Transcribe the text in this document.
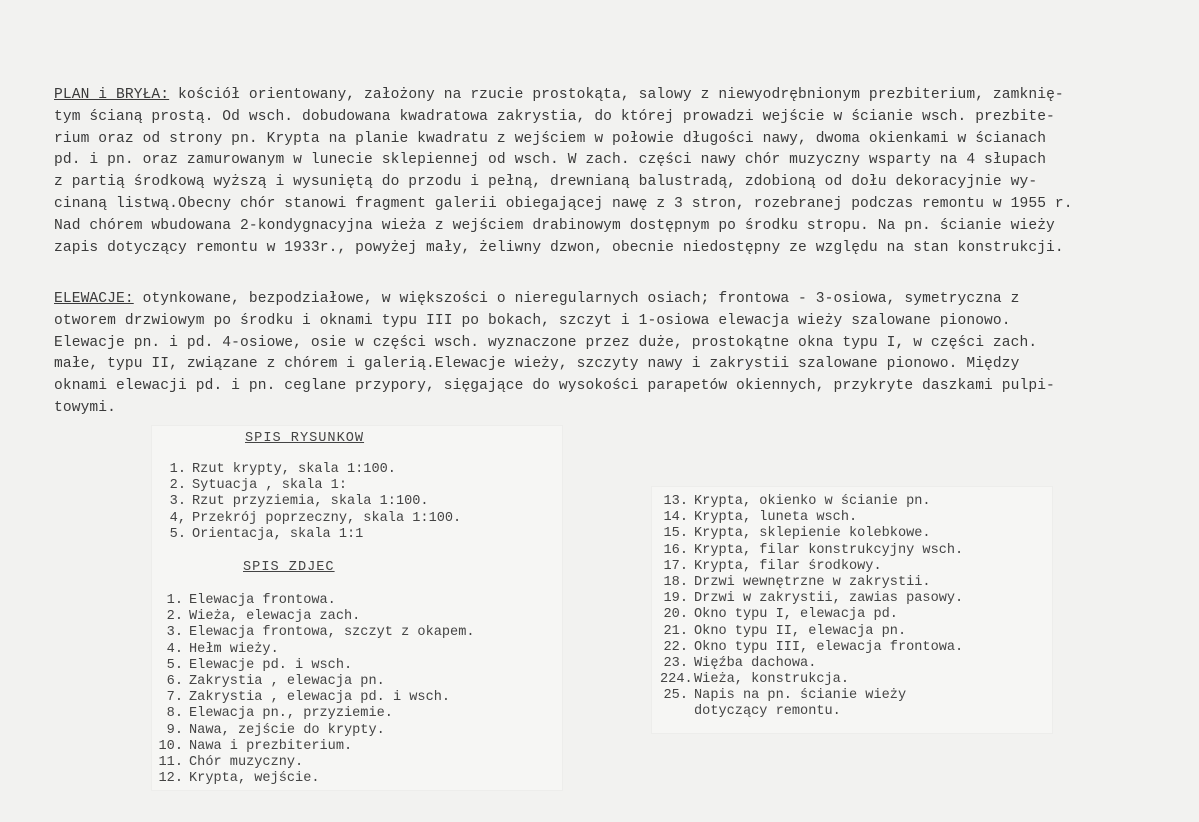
PLAN i BRYŁA: kościół orientowany, założony na rzucie prostokąta, salowy z niewyodrębnionym prezbiterium, zamknię-
tym ścianą prostą. Od wsch. dobudowana kwadratowa zakrystia, do której prowadzi wejście w ścianie wsch. prezbite-
rium oraz od strony pn. Krypta na planie kwadratu z wejściem w połowie długości nawy, dwoma okienkami w ścianach
pd. i pn. oraz zamurowanym w lunecie sklepiennej od wsch. W zach. części nawy chór muzyczny wsparty na 4 słupach
z partią środkową wyższą i wysuniętą do przodu i pełną, drewnianą balustradą, zdobioną od dołu dekoracyjnie wy-
cinaną listwą.Obecny chór stanowi fragment galerii obiegającej nawę z 3 stron, rozebranej podczas remontu w 1955 r.
Nad chórem wbudowana 2-kondygnacyjna wieża z wejściem drabinowym dostępnym po środku stropu. Na pn. ścianie wieży
zapis dotyczący remontu w 1933r., powyżej mały, żeliwny dzwon, obecnie niedostępny ze względu na stan konstrukcji.
ELEWACJE: otynkowane, bezpodziałowe, w większości o nieregularnych osiach; frontowa - 3-osiowa, symetryczna z
otworem drzwiowym po środku i oknami typu III po bokach, szczyt i 1-osiowa elewacja wieży szalowane pionowo.
Elewacje pn. i pd. 4-osiowe, osie w części wsch. wyznaczone przez duże, prostokątne okna typu I, w części zach.
małe, typu II, związane z chórem i galerią.Elewacje wieży, szczyty nawy i zakrystii szalowane pionowo. Między
oknami elewacji pd. i pn. ceglane przypory, sięgające do wysokości parapetów okiennych, przykryte daszkami pulpi-
towymi.
SPIS RYSUNKOW
1. Rzut krypty, skala 1:100.
2. Sytuacja , skala 1:
3. Rzut przyziemia, skala 1:100.
4, Przekrój poprzeczny, skala 1:100.
5. Orientacja, skala 1:1
SPIS ZDJEC
1. Elewacja frontowa.
2. Wieża, elewacja zach.
3. Elewacja frontowa, szczyt z okapem.
4. Hełm wieży.
5. Elewacje pd. i wsch.
6. Zakrystia , elewacja pn.
7. Zakrystia , elewacja pd. i wsch.
8. Elewacja pn., przyziemie.
9. Nawa, zejście do krypty.
10. Nawa i prezbiterium.
11. Chór muzyczny.
12. Krypta, wejście.
13. Krypta, okienko w ścianie pn.
14. Krypta, luneta wsch.
15. Krypta, sklepienie kolebkowe.
16. Krypta, filar konstrukcyjny wsch.
17. Krypta, filar środkowy.
18. Drzwi wewnętrzne w zakrystii.
19. Drzwi w zakrystii, zawias pasowy.
20. Okno typu I, elewacja pd.
21. Okno typu II, elewacja pn.
22. Okno typu III, elewacja frontowa.
23. Więźba dachowa.
224.Wieża, konstrukcja.
25. Napis na pn. ścianie wieży
dotyczący remontu.
